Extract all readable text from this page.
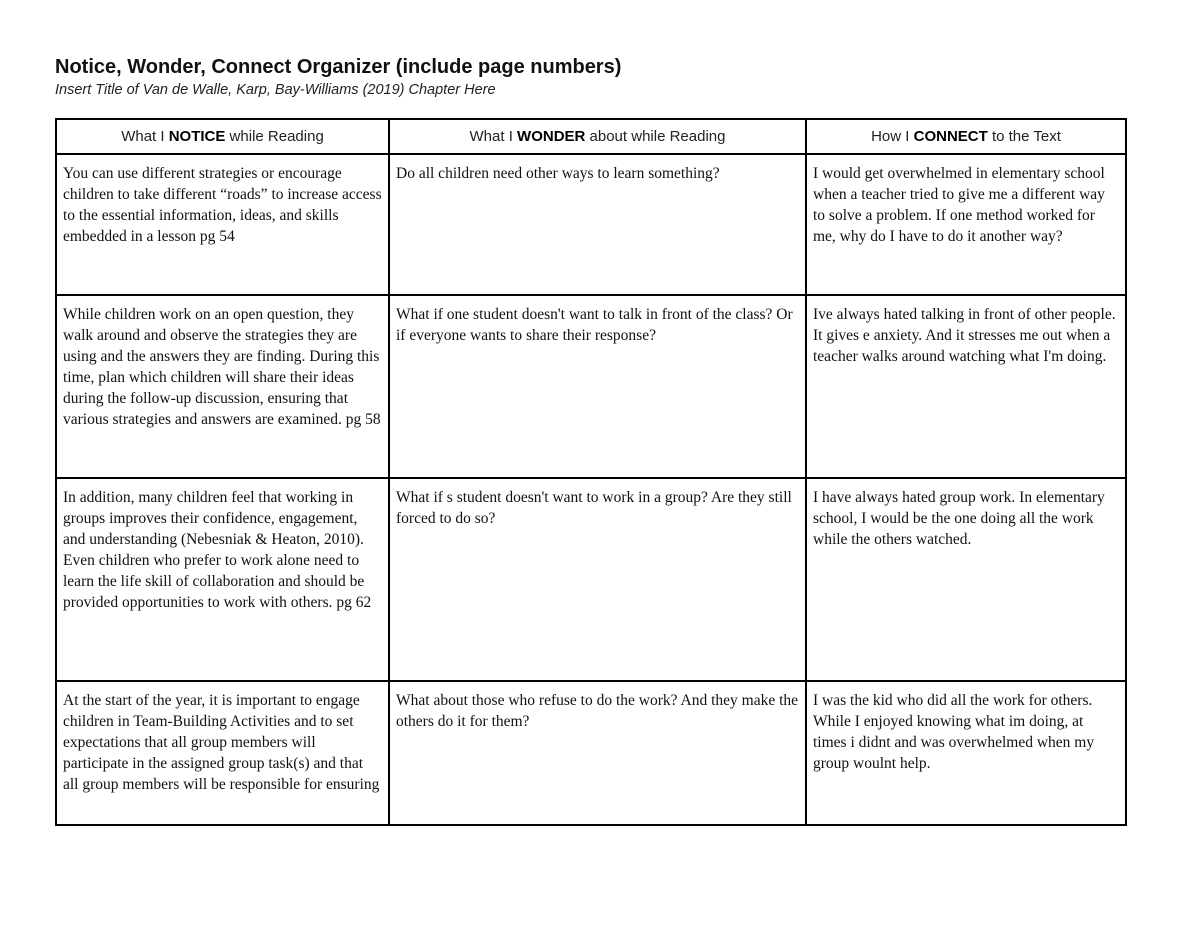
Notice, Wonder, Connect Organizer (include page numbers)
Insert Title of Van de Walle, Karp, Bay-Williams (2019) Chapter Here
What I NOTICE while Reading	What I WONDER about while Reading	How I CONNECT to the Text
You can use different strategies or encourage children to take different “roads” to increase access to the essential information, ideas, and skills embedded in a lesson pg 54	Do all children need other ways to learn something?	I would get overwhelmed in elementary school when a teacher tried to give me a different way to solve a problem. If one method worked for me, why do I have to do it another way?
While children work on an open question, they walk around and observe the strategies they are using and the answers they are finding. During this time, plan which children will share their ideas during the follow-up discussion, ensuring that various strategies and answers are examined. pg 58	What if one student doesn't want to talk in front of the class? Or if everyone wants to share their response?	Ive always hated talking in front of other people. It gives e anxiety. And it stresses me out when a teacher walks around watching what I'm doing.
In addition, many children feel that working in groups improves their confidence, engagement, and understanding (Nebesniak & Heaton, 2010). Even children who prefer to work alone need to learn the life skill of collaboration and should be provided opportunities to work with others. pg 62	What if s student doesn't want to work in a group? Are they still forced to do so?	I have always hated group work. In elementary school, I would be the one doing all the work while the others watched.
At the start of the year, it is important to engage children in Team-Building Activities and to set expectations that all group members will participate in the assigned group task(s) and that all group members will be responsible for ensuring	What about those who refuse to do the work? And they make the others do it for them?	I was the kid who did all the work for others. While I enjoyed knowing what im doing, at times i didnt and was overwhelmed when my group woulnt help.
